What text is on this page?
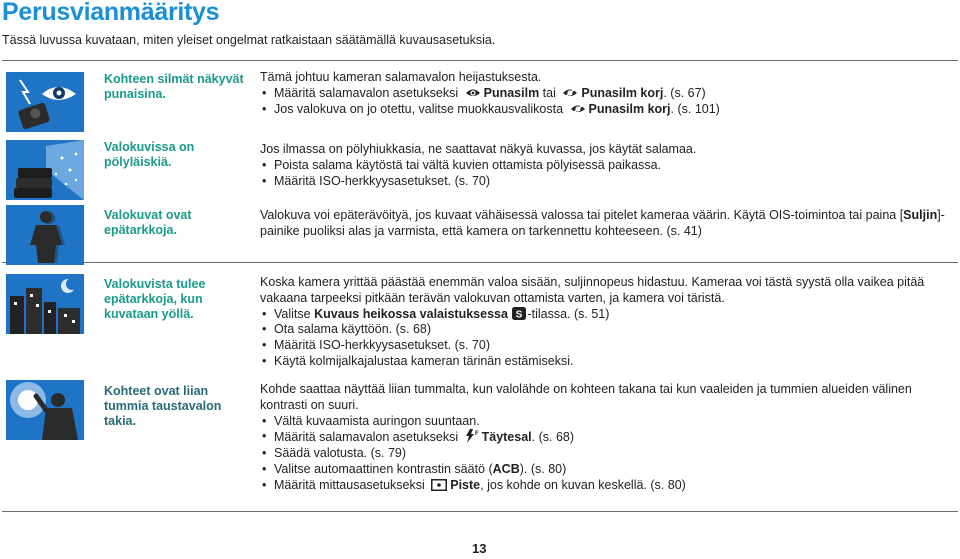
Perusvianmääritys
Tässä luvussa kuvataan, miten yleiset ongelmat ratkaistaan säätämällä kuvausasetuksia.
Kohteen silmät näkyvät punaisina.
Valokuvissa on pölyläiskiä.
Valokuvat ovat epätarkkoja.
Valokuvista tulee epätarkkoja, kun kuvataan yöllä.
Kohteet ovat liian tummia taustavalon takia.

Tämä johtuu kameran salamavalon heijastuksesta.

• Määritä salamavalon asetukseksi Punasilm tai Punasilm korj. (s. 67)
• Jos valokuva on jo otettu, valitse muokkausvalikosta Punasilm korj. (s. 101)

Jos ilmassa on pölyhiukkasia, ne saattavat näkyä kuvassa, jos käytät salamaa.

• Poista salama käytöstä tai vältä kuvien ottamista pölyisessä paikassa.
• Määritä ISO-herkkyysasetukset. (s. 70)

Valokuva voi epäterävöityä, jos kuvaat vähäisessä valossa tai pitelet kameraa väärin. Käytä OIS-toimintoa tai paina [Suljin]-painike puoliksi alas ja varmista, että kamera on tarkennettu kohteeseen. (s. 41)

Koska kamera yrittää päästää enemmän valoa sisään, suljinnopeus hidastuu. Kameraa voi tästä syystä olla vaikea pitää vakaana tarpeeksi pitkään terävän valokuvan ottamista varten, ja kamera voi täristä.

• Valitse Kuvaus heikossa valaistuksessa S -tilassa. (s. 51)
• Ota salama käyttöön. (s. 68)
• Määritä ISO-herkkyysasetukset. (s. 70)
• Käytä kolmijalkajalustaa kameran tärinän estämiseksi.

Kohde saattaa näyttää liian tummalta, kun valolähde on kohteen takana tai kun vaaleiden ja tummien alueiden välinen kontrasti on suuri.

• Vältä kuvaamista auringon suuntaan.
• Määritä salamavalon asetukseksi	F Täytesal. (s. 68)
• Säädä valotusta. (s. 79)
• Valitse automaattinen kontrastin säätö (ACB). (s. 80)
• Määritä mittausasetukseksi Piste, jos kohde on kuvan keskellä. (s. 80)
13
